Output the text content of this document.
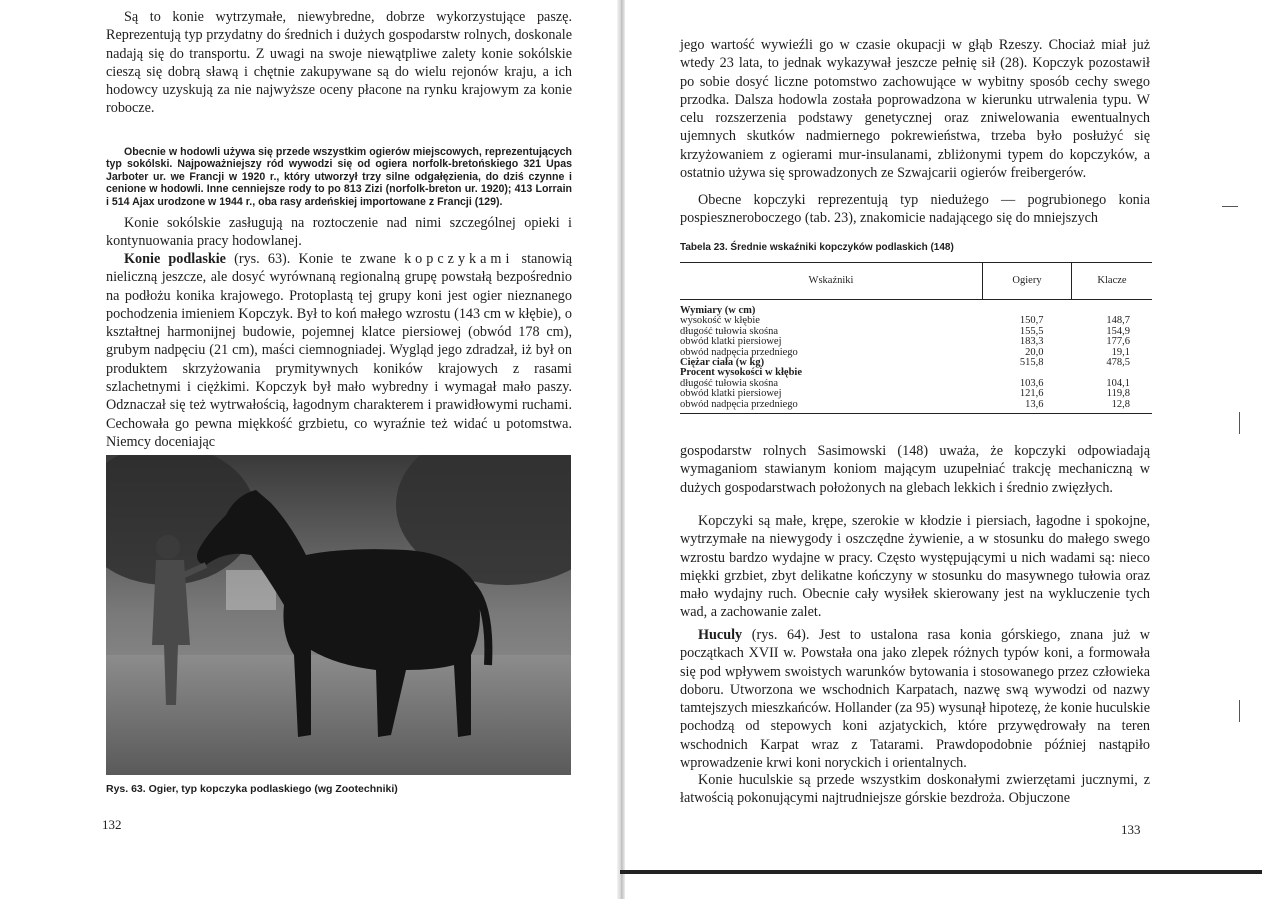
Są to konie wytrzymałe, niewybredne, dobrze wykorzystujące paszę. Reprezentują typ przydatny do średnich i dużych gospodarstw rolnych, doskonale nadają się do transportu. Z uwagi na swoje niewątpliwe zalety konie sokólskie cieszą się dobrą sławą i chętnie zakupywane są do wielu rejonów kraju, a ich hodowcy uzyskują za nie najwyższe oceny płacone na rynku krajowym za konie robocze.

Obecnie w hodowli używa się przede wszystkim ogierów miejscowych, reprezentujących typ sokólski. Najpoważniejszy ród wywodzi się od ogiera norfolk-bretońskiego 321 Upas Jarboter ur. we Francji w 1920 r., który utworzył trzy silne odgałęzienia, do dziś czynne i cenione w hodowli. Inne cenniejsze rody to po 813 Zizi (norfolk-breton ur. 1920); 413 Lorrain i 514 Ajax urodzone w 1944 r., oba rasy ardeńskiej importowane z Francji (129).

Konie sokólskie zasługują na roztoczenie nad nimi szczególnej opieki i kontynuowania pracy hodowlanej.

Konie podlaskie (rys. 63). Konie te zwane kopczykami stanowią nieliczną jeszcze, ale dosyć wyrównaną regionalną grupę powstałą bezpośrednio na podłożu konika krajowego. Protoplastą tej grupy koni jest ogier nieznanego pochodzenia imieniem Kopczyk. Był to koń małego wzrostu (143 cm w kłębie), o kształtnej harmonijnej budowie, pojemnej klatce piersiowej (obwód 178 cm), grubym nadpęciu (21 cm), maści ciemnogniadej. Wygląd jego zdradzał, iż był on produktem skrzyżowania prymitywnych koników krajowych z rasami szlachetnymi i ciężkimi. Kopczyk był mało wybredny i wymagał mało paszy. Odznaczał się też wytrwałością, łagodnym charakterem i prawidłowymi ruchami. Cechowała go pewna miękkość grzbietu, co wyraźnie też widać u potomstwa. Niemcy doceniając

Rys. 63. Ogier, typ kopczyka podlaskiego (wg Zootechniki)
132

jego wartość wywieźli go w czasie okupacji w głąb Rzeszy. Chociaż miał już wtedy 23 lata, to jednak wykazywał jeszcze pełnię sił (28). Kopczyk pozostawił po sobie dosyć liczne potomstwo zachowujące w wybitny sposób cechy swego przodka. Dalsza hodowla została poprowadzona w kierunku utrwalenia typu. W celu rozszerzenia podstawy genetycznej oraz zniwelowania ewentualnych ujemnych skutków nadmiernego pokrewieństwa, trzeba było posłużyć się krzyżowaniem z ogierami mur-insulanami, zbliżonymi typem do kopczyków, a ostatnio używa się sprowadzonych ze Szwajcarii ogierów freibergerów.

Obecne kopczyki reprezentują typ niedużego — pogrubionego konia pospieszneroboczego (tab. 23), znakomicie nadającego się do mniejszych

Tabela 23. Średnie wskaźniki kopczyków podlaskich (148)
Wskaźniki	Ogiery	Klacze
Wymiary (w cm)		
wysokość w kłębie	150,7	148,7
długość tułowia skośna	155,5	154,9
obwód klatki piersiowej	183,3	177,6
obwód nadpęcia przedniego	20,0	19,1
Ciężar ciała (w kg)	515,8	478,5
Procent wysokości w kłębie		
długość tułowia skośna	103,6	104,1
obwód klatki piersiowej	121,6	119,8
obwód nadpęcia przedniego	13,6	12,8

gospodarstw rolnych Sasimowski (148) uważa, że kopczyki odpowiadają wymaganiom stawianym koniom mającym uzupełniać trakcję mechaniczną w dużych gospodarstwach położonych na glebach lekkich i średnio zwięzłych.

Kopczyki są małe, krępe, szerokie w kłodzie i piersiach, łagodne i spokojne, wytrzymałe na niewygody i oszczędne żywienie, a w stosunku do małego swego wzrostu bardzo wydajne w pracy. Często występującymi u nich wadami są: nieco miękki grzbiet, zbyt delikatne kończyny w stosunku do masywnego tułowia oraz mało wydajny ruch. Obecnie cały wysiłek skierowany jest na wykluczenie tych wad, a zachowanie zalet.

Huculy (rys. 64). Jest to ustalona rasa konia górskiego, znana już w początkach XVII w. Powstała ona jako zlepek różnych typów koni, a formowała się pod wpływem swoistych warunków bytowania i stosowanego przez człowieka doboru. Utworzona we wschodnich Karpatach, nazwę swą wywodzi od nazwy tamtejszych mieszkańców. Hollander (za 95) wysunął hipotezę, że konie huculskie pochodzą od stepowych koni azjatyckich, które przywędrowały na teren wschodnich Karpat wraz z Tatarami. Prawdopodobnie później nastąpiło wprowadzenie krwi koni noryckich i orientalnych.

Konie huculskie są przede wszystkim doskonałymi zwierzętami jucznymi, z łatwością pokonującymi najtrudniejsze górskie bezdroża. Objuczone

133
